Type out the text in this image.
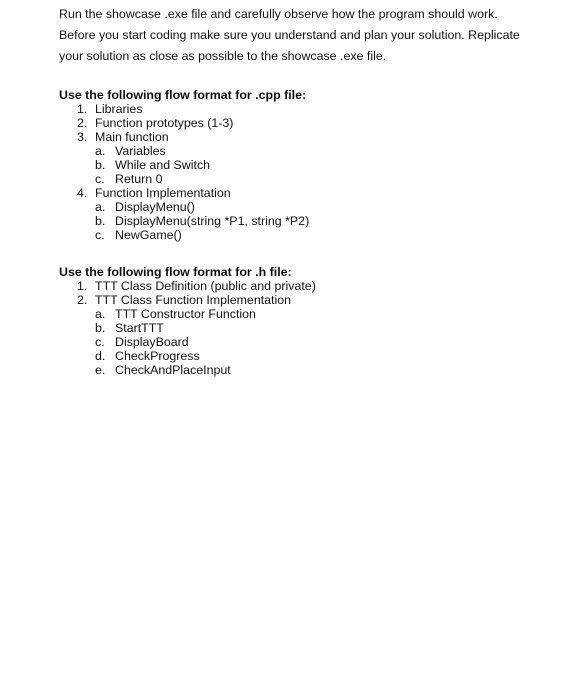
Run the showcase .exe file and carefully observe how the program should work.

Before you start coding make sure you understand and plan your solution. Replicate

your solution as close as possible to the showcase .exe file.

Use the following flow format for .cpp file:
1. Libraries
2. Function prototypes (1-3)
3. Main function
a. Variables
b. While and Switch
c. Return 0
4. Function Implementation
a. DisplayMenu()
b. DisplayMenu(string *P1, string *P2)
c. NewGame()
Use the following flow format for .h file:
1. TTT Class Definition (public and private)
2. TTT Class Function Implementation
a. TTT Constructor Function
b. StartTTT
c. DisplayBoard
d. CheckProgress
e. CheckAndPlaceInput
